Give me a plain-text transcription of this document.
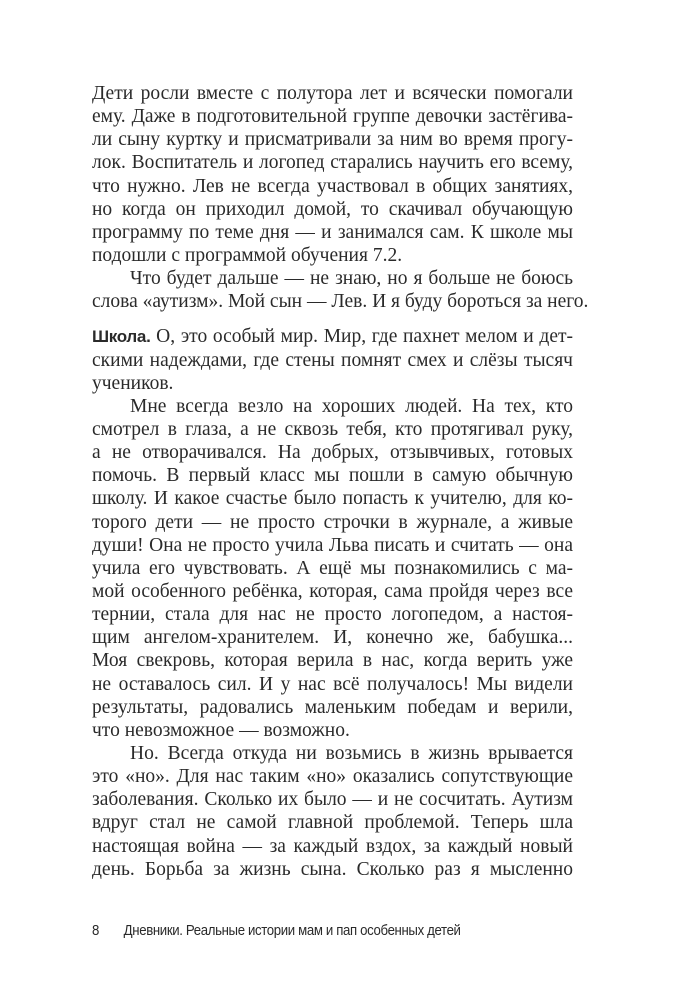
Дети росли вместе с полутора лет и всячески помогали
ему. Даже в подготовительной группе девочки застёгива-
ли сыну куртку и присматривали за ним во время прогу-
лок. Воспитатель и логопед старались научить его всему,
что нужно. Лев не всегда участвовал в общих занятиях,
но когда он приходил домой, то скачивал обучающую
программу по теме дня — и занимался сам. К школе мы
подошли с программой обучения 7.2.
Что будет дальше — не знаю, но я больше не боюсь
слова «аутизм». Мой сын — Лев. И я буду бороться за него.
Школа. О, это особый мир. Мир, где пахнет мелом и дет-
скими надеждами, где стены помнят смех и слёзы тысяч
учеников.
Мне всегда везло на хороших людей. На тех, кто
смотрел в глаза, а не сквозь тебя, кто протягивал руку,
а не отворачивался. На добрых, отзывчивых, готовых
помочь. В первый класс мы пошли в самую обычную
школу. И какое счастье было попасть к учителю, для ко-
торого дети — не просто строчки в журнале, а живые
души! Она не просто учила Льва писать и считать — она
учила его чувствовать. А ещё мы познакомились с ма-
мой особенного ребёнка, которая, сама пройдя через все
тернии, стала для нас не просто логопедом, а настоя-
щим ангелом-хранителем. И, конечно же, бабушка...
Моя свекровь, которая верила в нас, когда верить уже
не оставалось сил. И у нас всё получалось! Мы видели
результаты, радовались маленьким победам и верили,
что невозможное — возможно.
Но. Всегда откуда ни возьмись в жизнь врывается
это «но». Для нас таким «но» оказались сопутствующие
заболевания. Сколько их было — и не сосчитать. Аутизм
вдруг стал не самой главной проблемой. Теперь шла
настоящая война — за каждый вздох, за каждый новый
день. Борьба за жизнь сына. Сколько раз я мысленно
8 Дневники. Реальные истории мам и пап особенных детей
